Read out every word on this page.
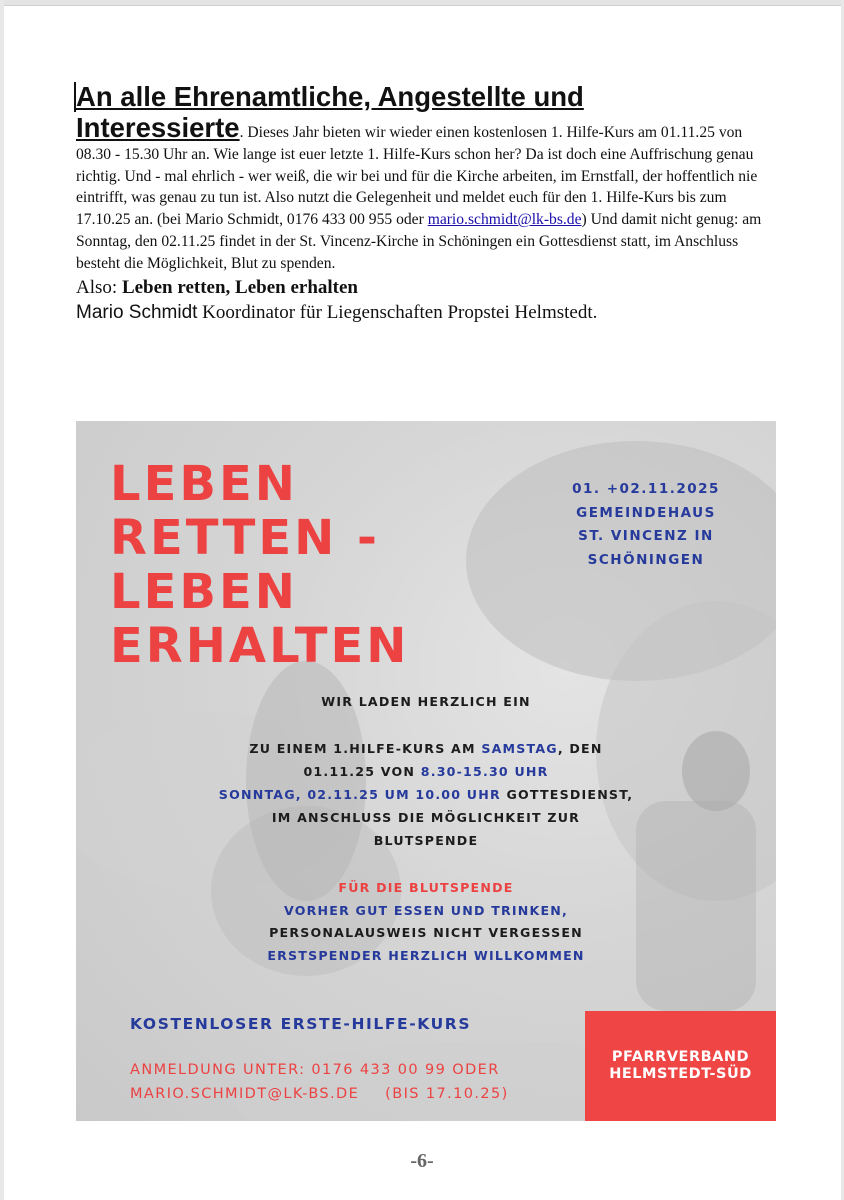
An alle Ehrenamtliche, Angestellte und

Interessierte. Dieses Jahr bieten wir wieder einen kostenlosen 1. Hilfe-Kurs am 01.11.25 von 08.30 - 15.30 Uhr an. Wie lange ist euer letzte 1. Hilfe-Kurs schon her? Da ist doch eine Auffrischung genau richtig. Und - mal ehrlich - wer weiß, die wir bei und für die Kirche arbeiten, im Ernstfall, der hoffentlich nie eintrifft, was genau zu tun ist. Also nutzt die Gelegenheit und meldet euch für den 1. Hilfe-Kurs bis zum 17.10.25 an. (bei Mario Schmidt, 0176 433 00 955 oder mario.schmidt@lk-bs.de) Und damit nicht genug: am Sonntag, den 02.11.25 findet in der St. Vincenz-Kirche in Schöningen ein Gottesdienst statt, im Anschluss besteht die Möglichkeit, Blut zu spenden.

Also: Leben retten, Leben erhalten

Mario Schmidt Koordinator für Liegenschaften Propstei Helmstedt.

LEBEN
RETTEN -
LEBEN
ERHALTEN
01. +02.11.2025
GEMEINDEHAUS
ST. VINCENZ IN
SCHÖNINGEN
WIR LADEN HERZLICH EIN
ZU EINEM 1.HILFE-KURS AM SAMSTAG, DEN
01.11.25 VON 8.30-15.30 UHR
SONNTAG, 02.11.25 UM 10.00 UHR GOTTESDIENST,
IM ANSCHLUSS DIE MÖGLICHKEIT ZUR
BLUTSPENDE
FÜR DIE BLUTSPENDE
VORHER GUT ESSEN UND TRINKEN,
PERSONALAUSWEIS NICHT VERGESSEN
ERSTSPENDER HERZLICH WILLKOMMEN
KOSTENLOSER ERSTE-HILFE-KURS
ANMELDUNG UNTER: 0176 433 00 99 ODER
MARIO.SCHMIDT@LK-BS.DE (BIS 17.10.25)
PFARRVERBAND
HELMSTEDT-SÜD
-6-
